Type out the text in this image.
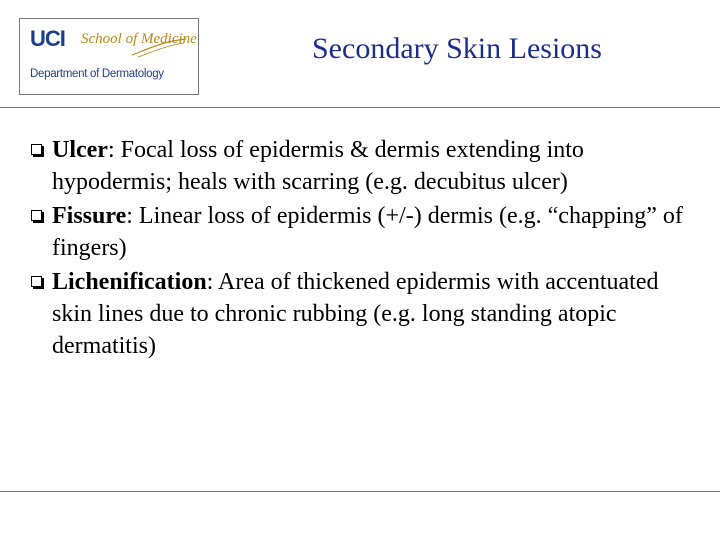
UCI School of Medicine
Department of Dermatology
Secondary Skin Lesions
Ulcer: Focal loss of epidermis & dermis extending into hypodermis; heals with scarring (e.g. decubitus ulcer)
Fissure: Linear loss of epidermis (+/-) dermis (e.g. “chapping” of fingers)
Lichenification: Area of thickened epidermis with accentuated skin lines due to chronic rubbing (e.g. long standing atopic dermatitis)
